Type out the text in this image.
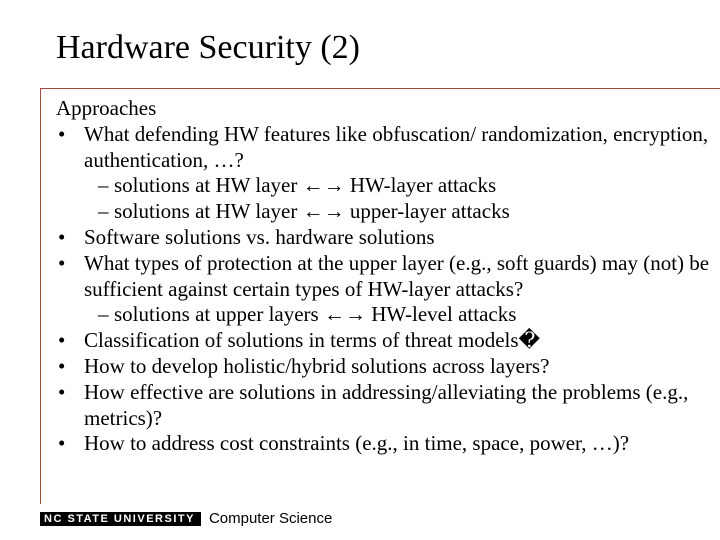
Hardware Security (2)
Approaches
• What defending HW features like obfuscation/ randomization, encryption, authentication, …?
– solutions at HW layer ←→ HW-layer attacks
– solutions at HW layer ←→ upper-layer attacks
• Software solutions vs. hardware solutions
• What types of protection at the upper layer (e.g., soft guards) may (not) be sufficient against certain types of HW-layer attacks?
– solutions at upper layers ←→ HW-level attacks
• Classification of solutions in terms of threat models�
• How to develop holistic/hybrid solutions across layers?
• How effective are solutions in addressing/alleviating the problems (e.g., metrics)?
• How to address cost constraints (e.g., in time, space, power, …)?
NC STATE UNIVERSITY Computer Science
